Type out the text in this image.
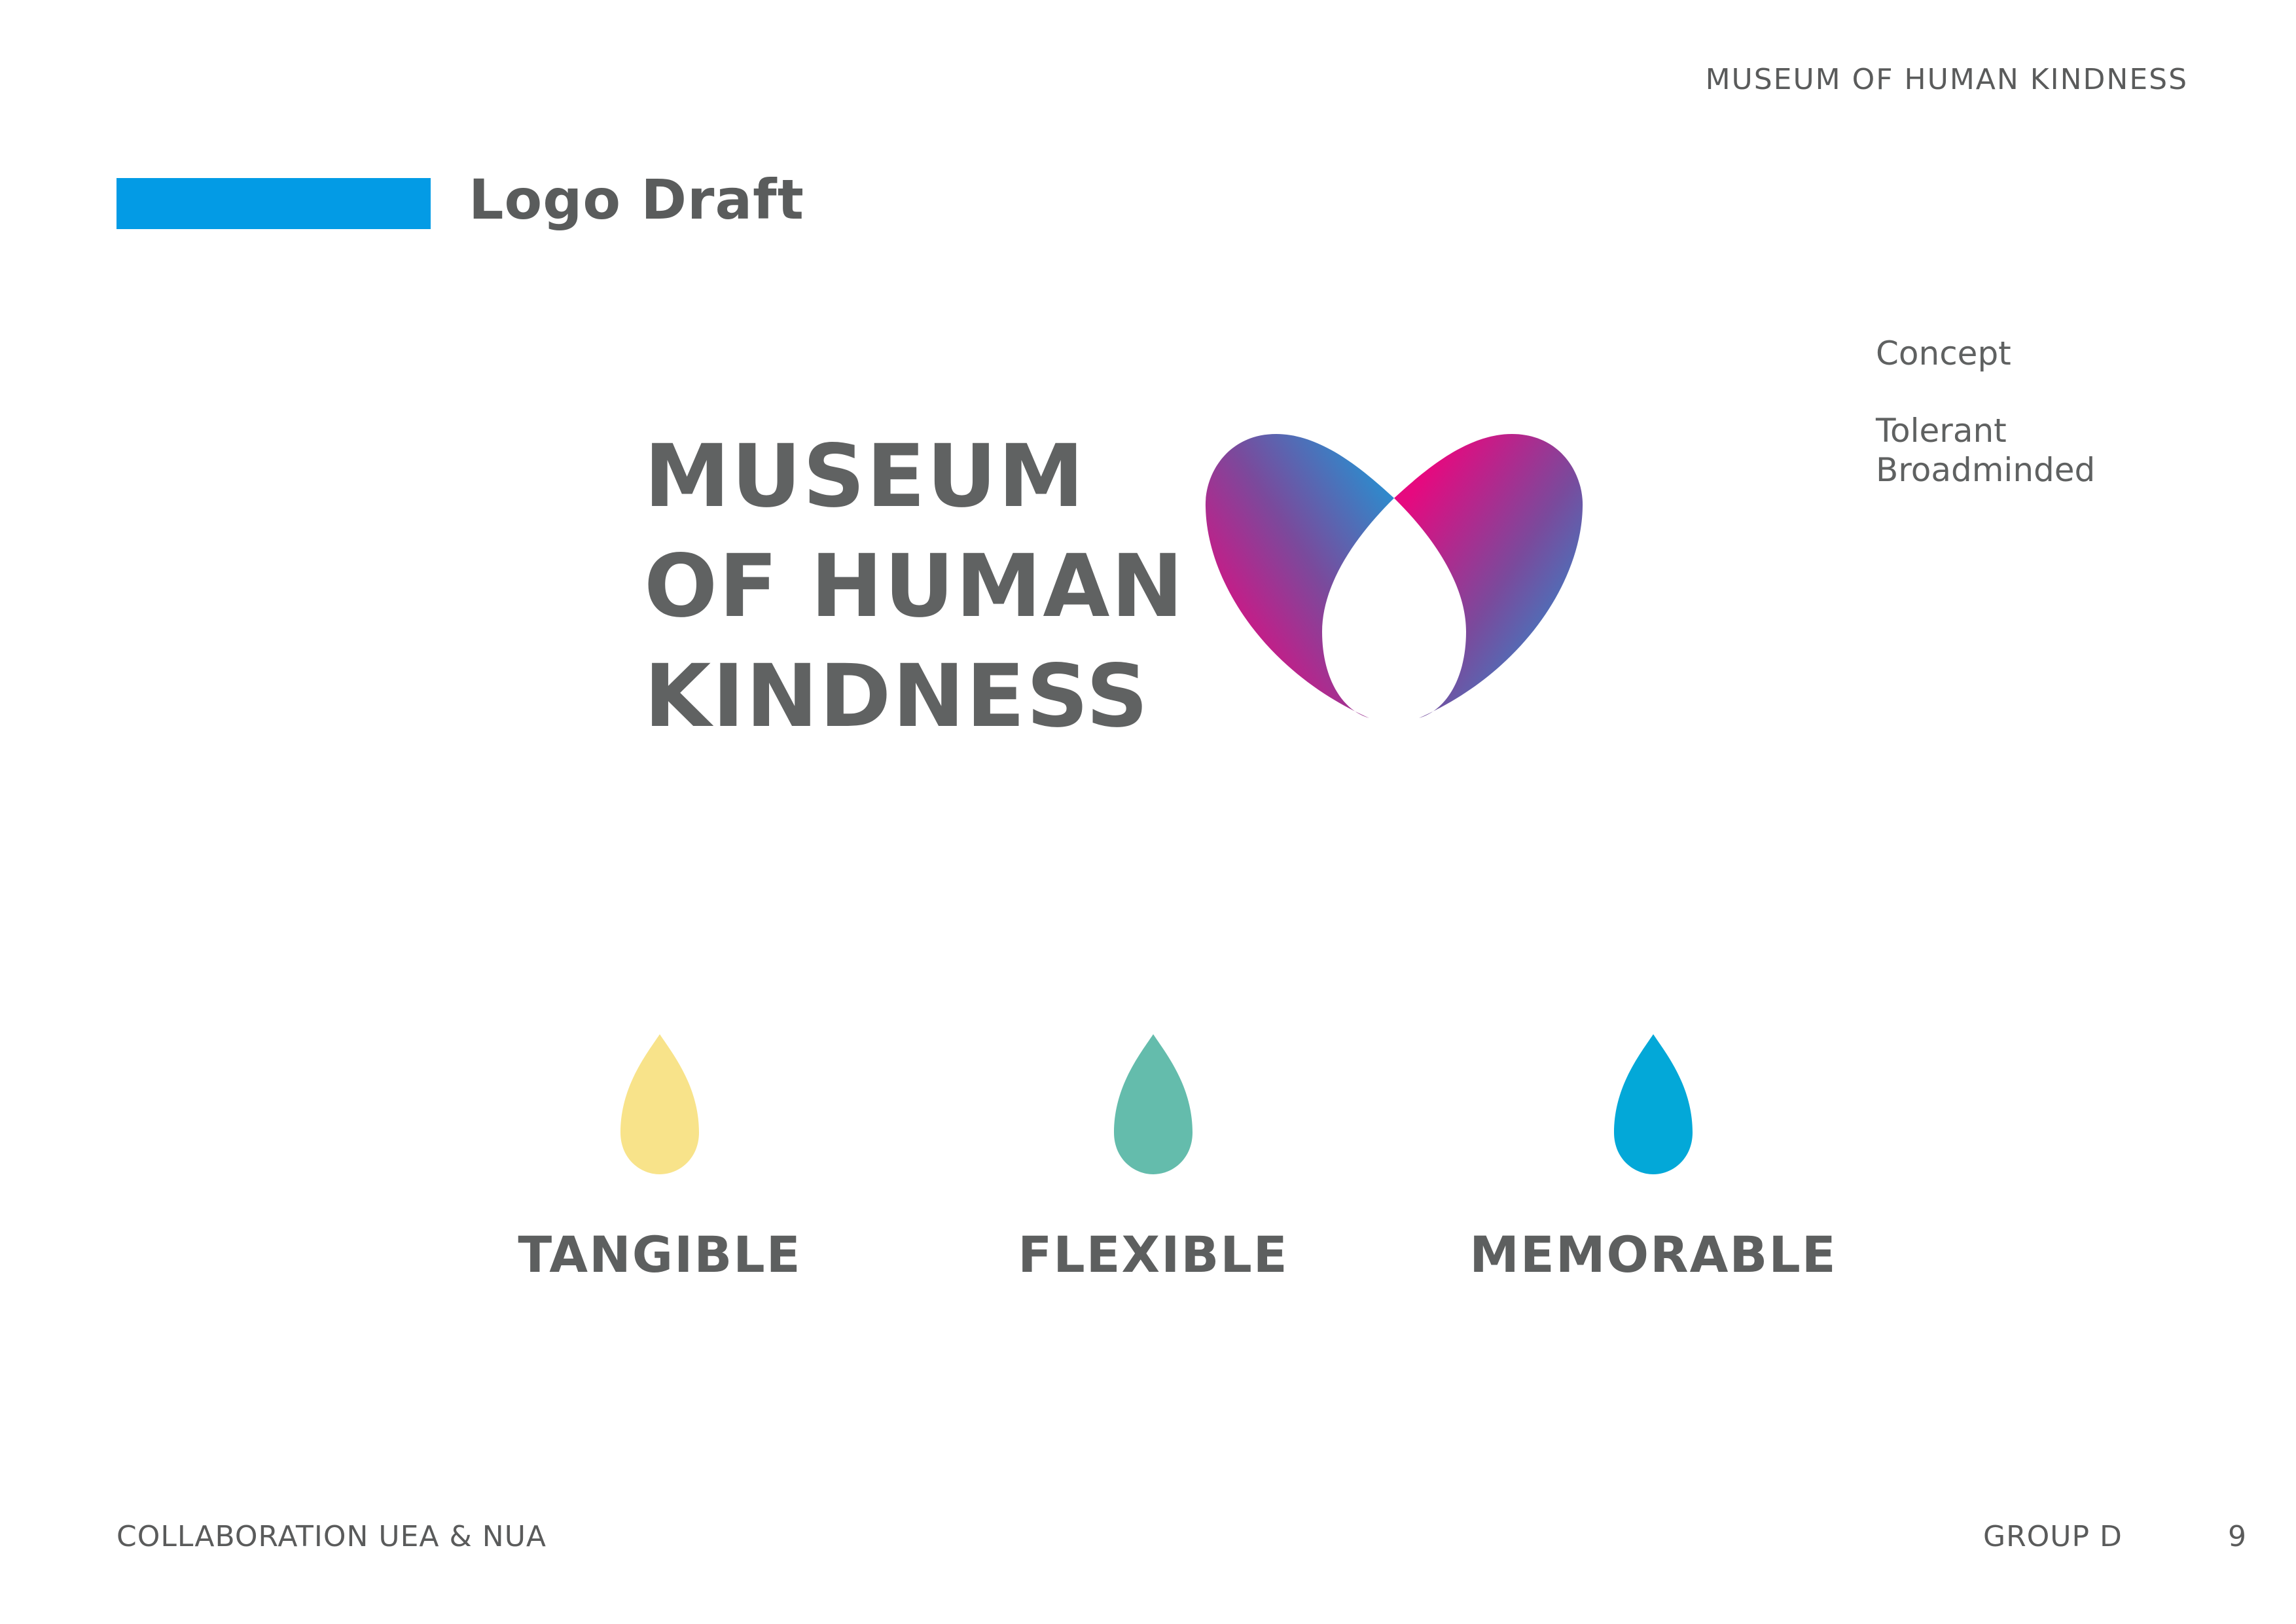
MUSEUM OF HUMAN KINDNESS
Logo Draft
Concept
Tolerant
Broadminded
MUSEUM
OF HUMAN
KINDNESS
TANGIBLE	FLEXIBLE	MEMORABLE
COLLABORATION UEA & NUA	GROUP D	9
